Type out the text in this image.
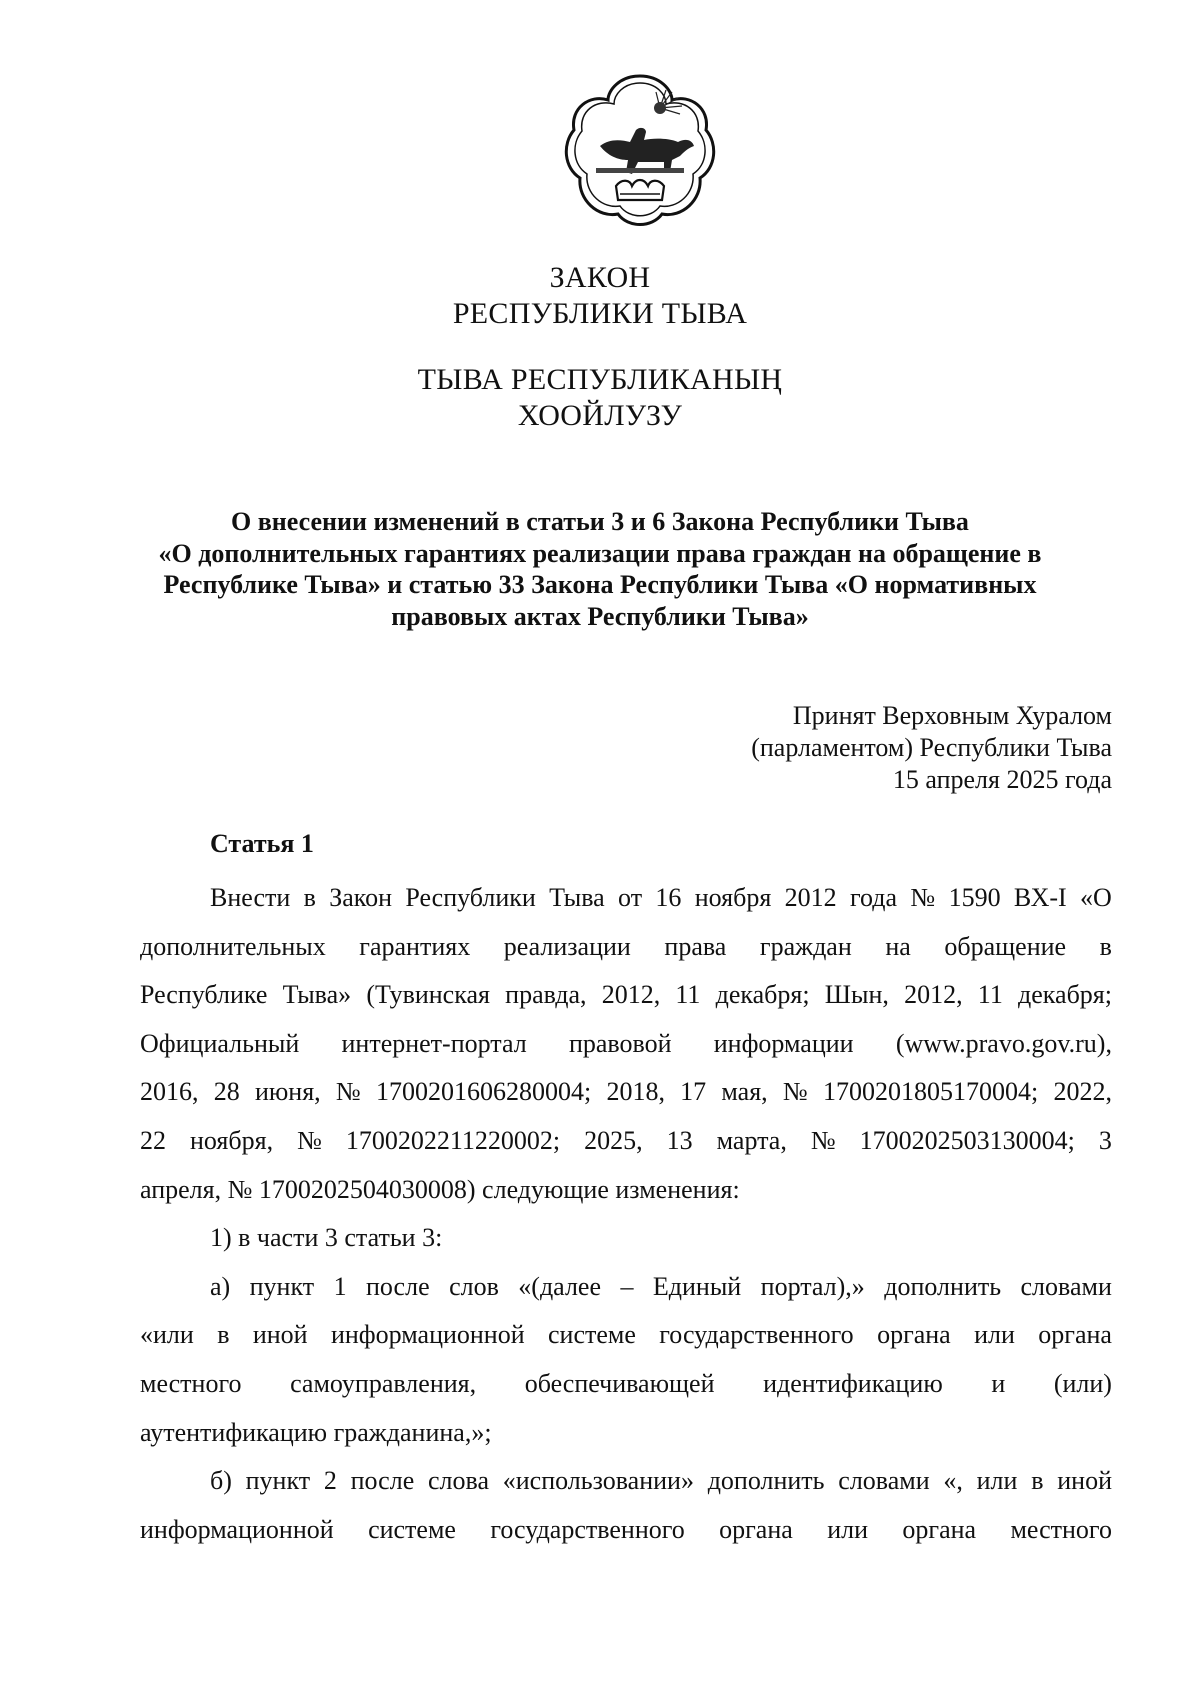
ЗАКОН
РЕСПУБЛИКИ ТЫВА
ТЫВА РЕСПУБЛИКАНЫҢ
ХООЙЛУЗУ
О внесении изменений в статьи 3 и 6 Закона Республики Тыва
«О дополнительных гарантиях реализации права граждан на обращение в
Республике Тыва» и статью 33 Закона Республики Тыва «О нормативных
правовых актах Республики Тыва»
Принят Верховным Хуралом
(парламентом) Республики Тыва
15 апреля 2025 года
Статья 1
Внести в Закон Республики Тыва от 16 ноября 2012 года № 1590 ВХ-I «О
дополнительных гарантиях реализации права граждан на обращение в
Республике Тыва» (Тувинская правда, 2012, 11 декабря; Шын, 2012, 11 декабря;
Официальный интернет-портал правовой информации (www.pravo.gov.ru),
2016, 28 июня, № 1700201606280004; 2018, 17 мая, № 1700201805170004; 2022,
22 ноября, № 1700202211220002; 2025, 13 марта, № 1700202503130004; 3
апреля, № 1700202504030008) следующие изменения:
1) в части 3 статьи 3:
а) пункт 1 после слов «(далее – Единый портал),» дополнить словами
«или в иной информационной системе государственного органа или органа
местного самоуправления, обеспечивающей идентификацию и (или)
аутентификацию гражданина,»;
б) пункт 2 после слова «использовании» дополнить словами «, или в иной
информационной системе государственного органа или органа местного
